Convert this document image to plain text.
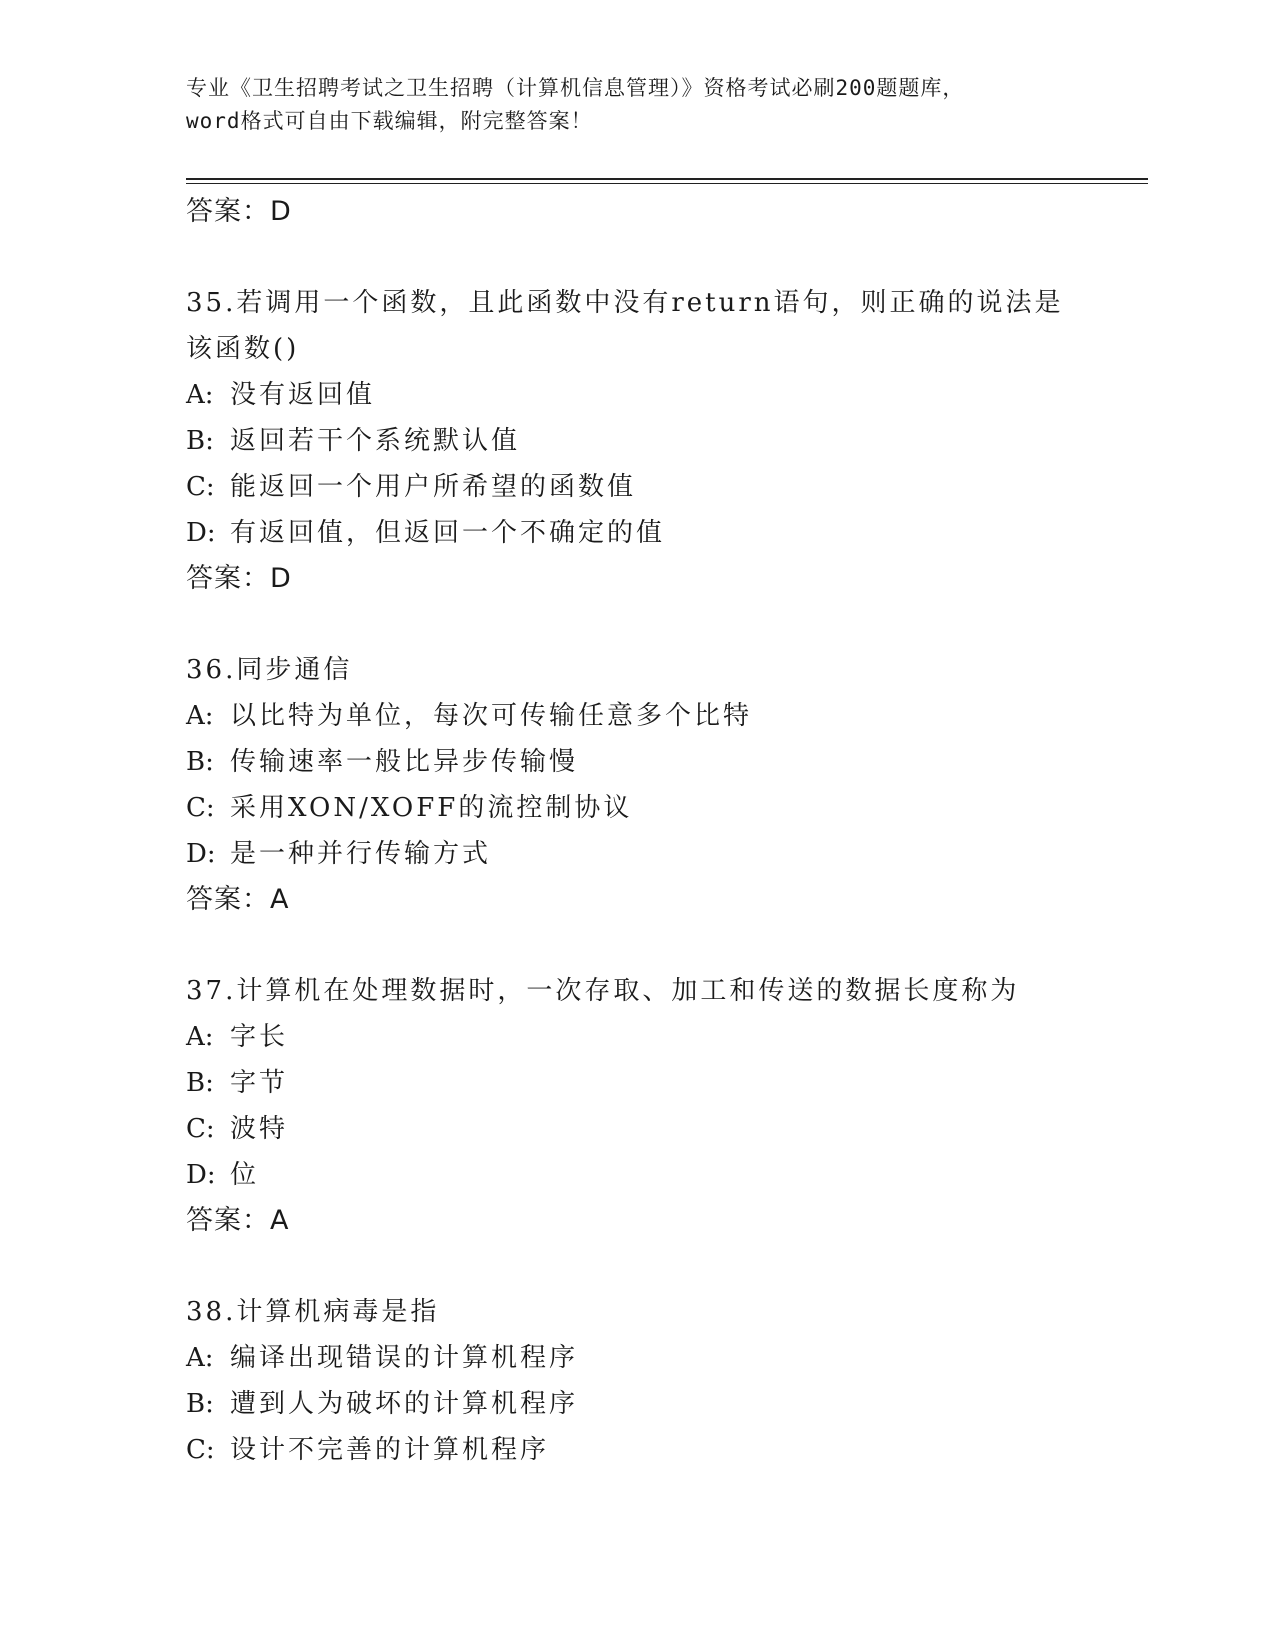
专业《卫生招聘考试之卫生招聘（计算机信息管理）》资格考试必刷200题题库，
word格式可自由下载编辑，附完整答案！
答案：D
35.若调用一个函数，且此函数中没有return语句，则正确的说法是
该函数()
A: 没有返回值
B: 返回若干个系统默认值
C: 能返回一个用户所希望的函数值
D: 有返回值，但返回一个不确定的值
答案：D
36.同步通信
A: 以比特为单位，每次可传输任意多个比特
B: 传输速率一般比异步传输慢
C: 采用XON/XOFF的流控制协议
D: 是一种并行传输方式
答案：A
37.计算机在处理数据时，一次存取、加工和传送的数据长度称为
A: 字长
B: 字节
C: 波特
D: 位
答案：A
38.计算机病毒是指
A: 编译出现错误的计算机程序
B: 遭到人为破坏的计算机程序
C: 设计不完善的计算机程序
